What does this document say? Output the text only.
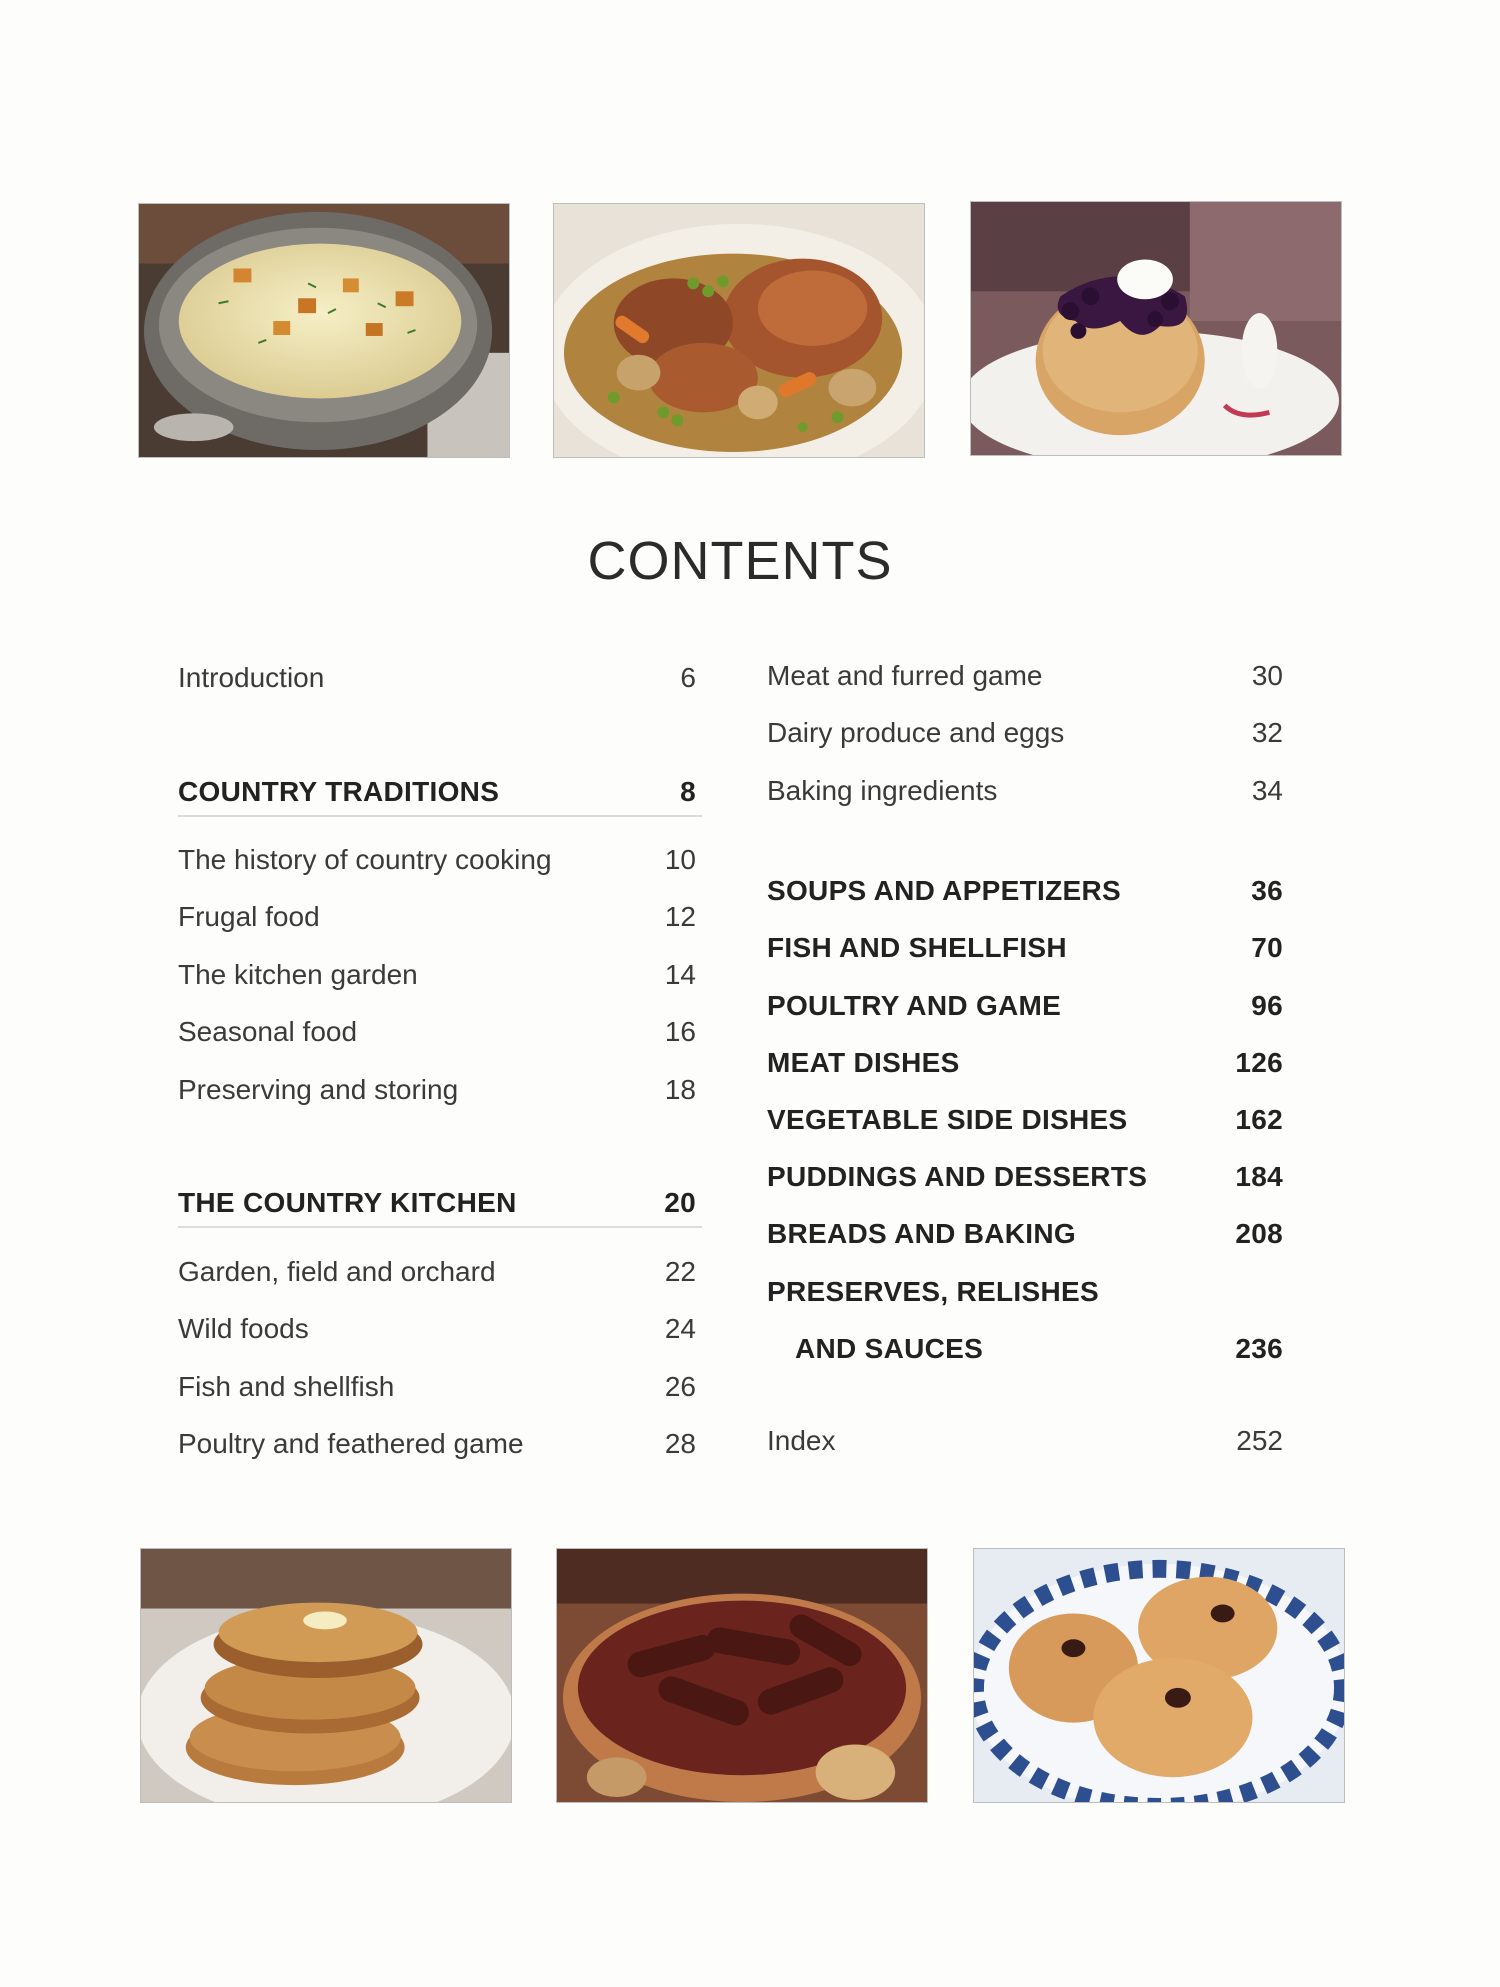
CONTENTS
Introduction	6
COUNTRY TRADITIONS	8
The history of country cooking	10
Frugal food	12
The kitchen garden	14
Seasonal food	16
Preserving and storing	18
THE COUNTRY KITCHEN	20
Garden, field and orchard	22
Wild foods	24
Fish and shellfish	26
Poultry and feathered game	28
Meat and furred game	30
Dairy produce and eggs	32
Baking ingredients	34
SOUPS AND APPETIZERS	36
FISH AND SHELLFISH	70
POULTRY AND GAME	96
MEAT DISHES	126
VEGETABLE SIDE DISHES	162
PUDDINGS AND DESSERTS	184
BREADS AND BAKING	208
PRESERVES, RELISHES
AND SAUCES	236
Index	252
